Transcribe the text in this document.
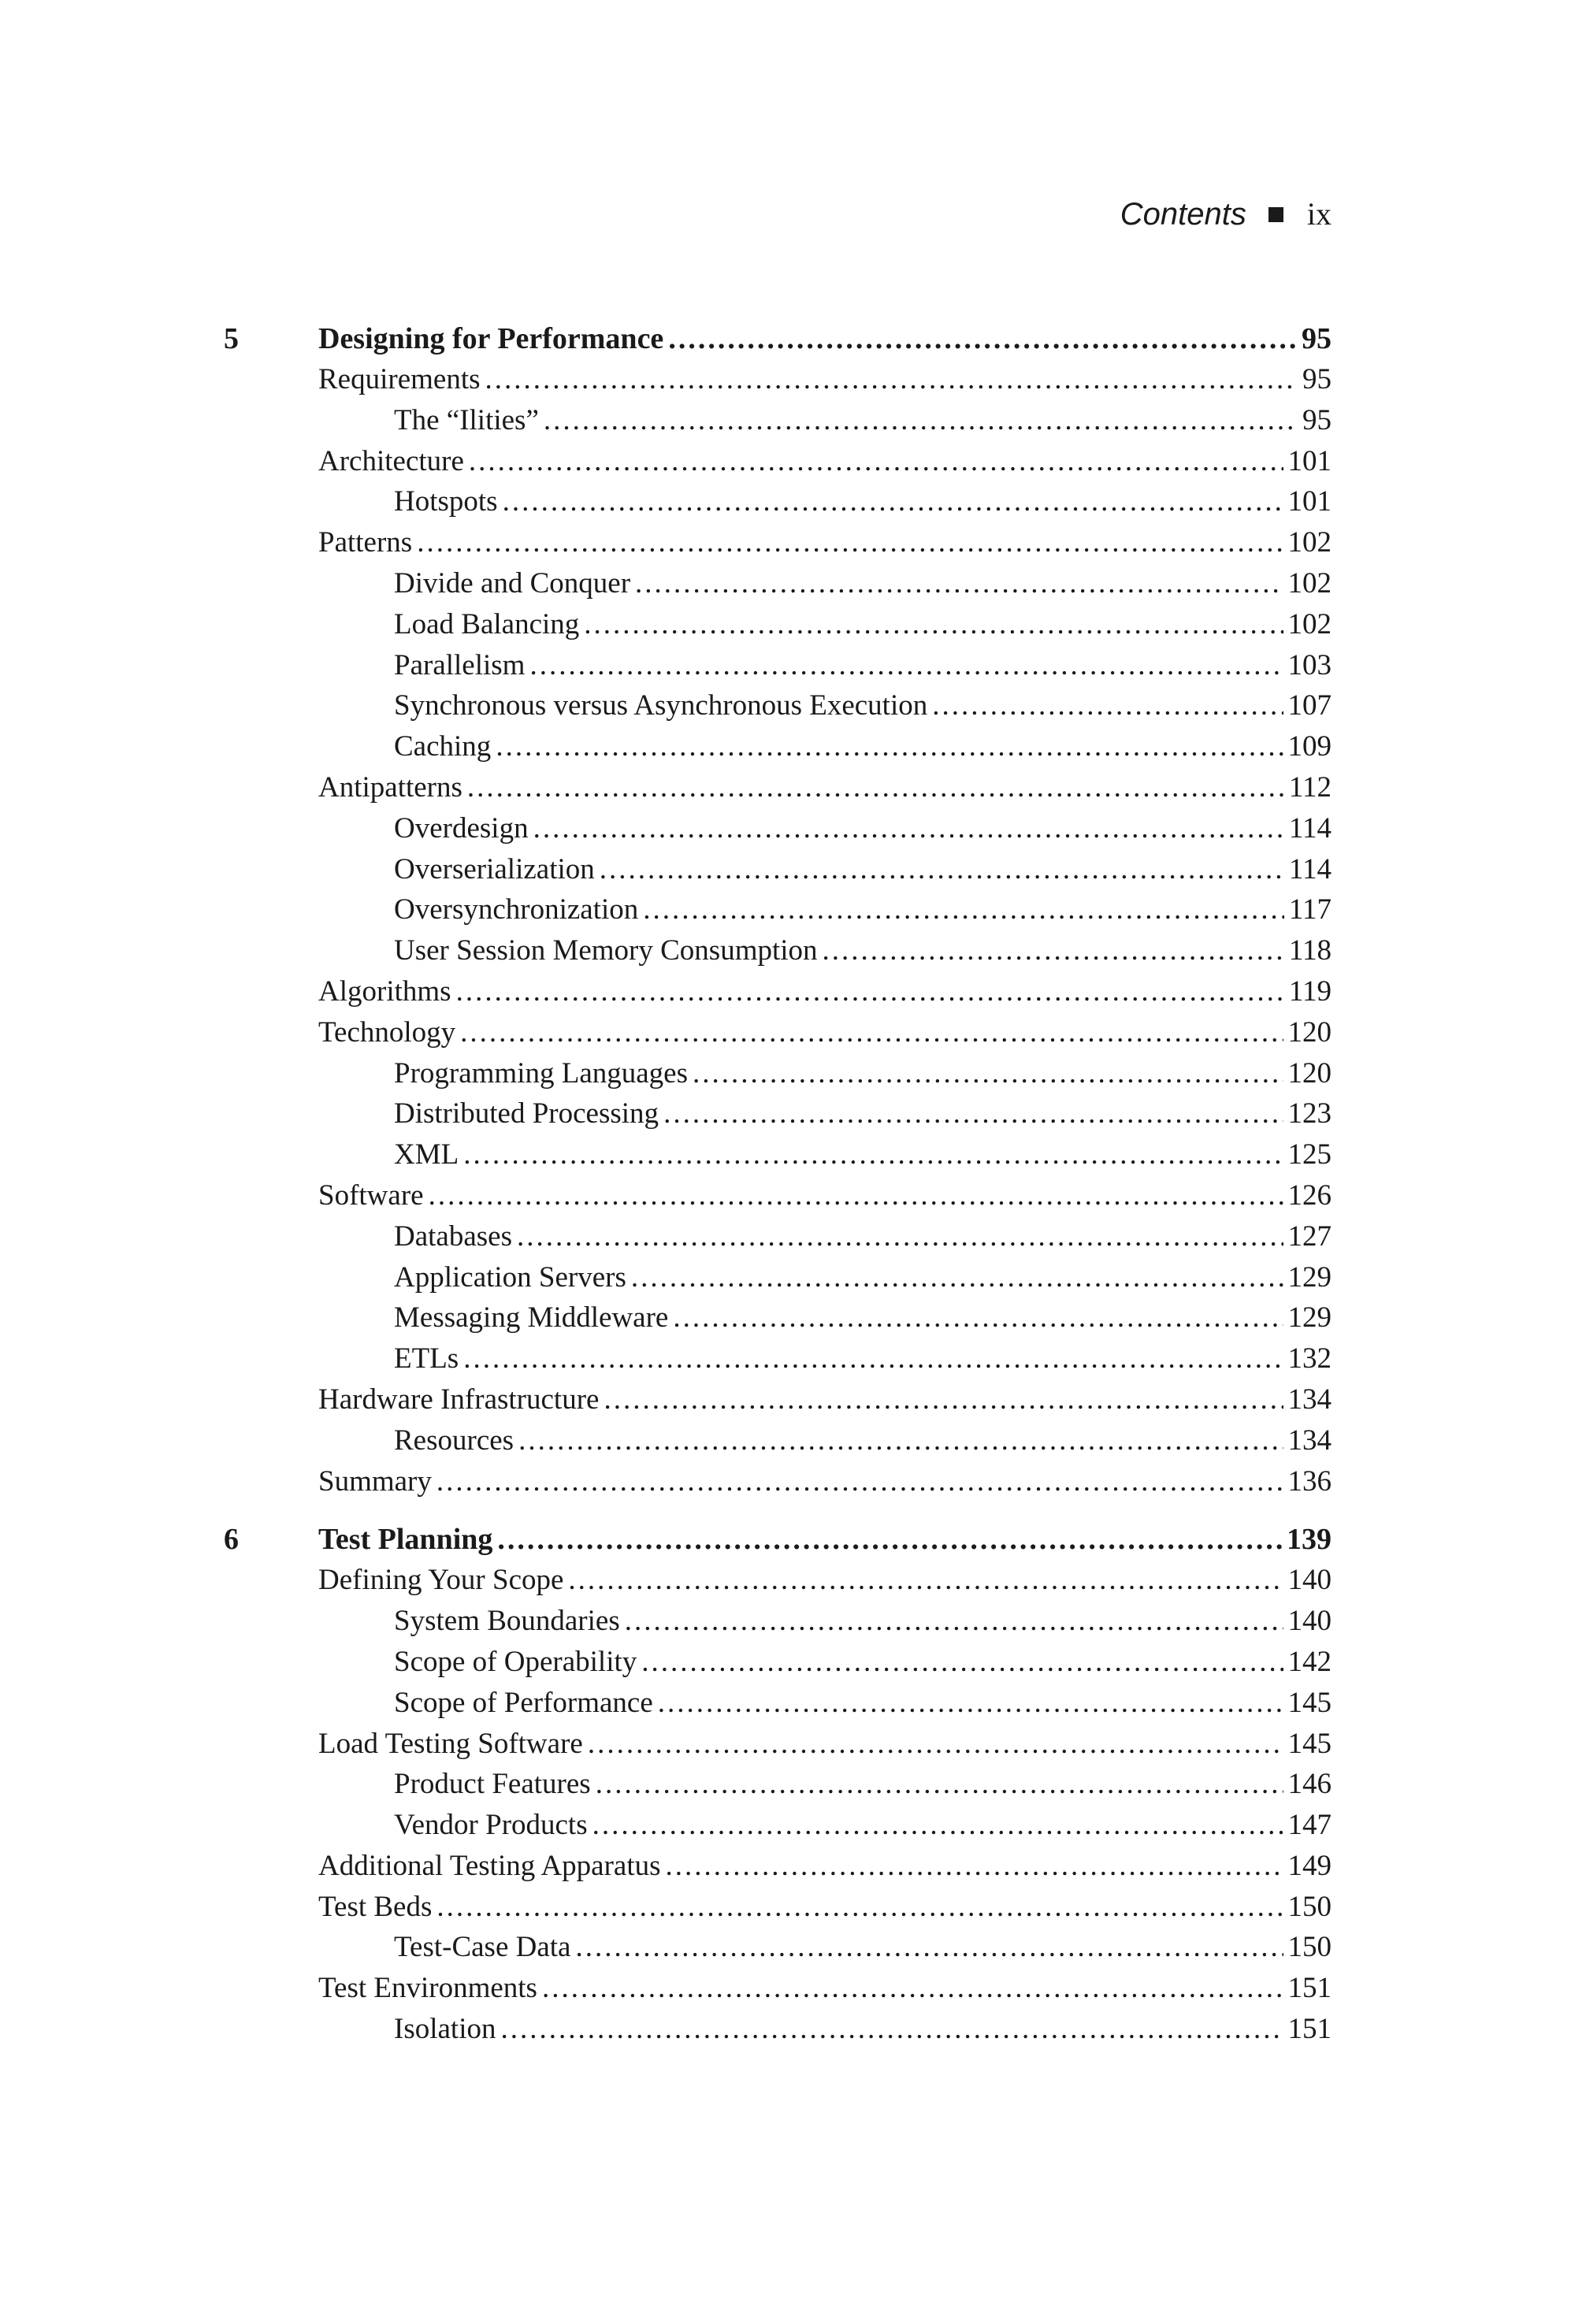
Contents ix
5	Designing for Performance .....	95
Requirements .....	95
The “Ilities” .....	95
Architecture .....	101
Hotspots .....	101
Patterns .....	102
Divide and Conquer .....	102
Load Balancing .....	102
Parallelism .....	103
Synchronous versus Asynchronous Execution .....	107
Caching .....	109
Antipatterns .....	112
Overdesign .....	114
Overserialization .....	114
Oversynchronization .....	117
User Session Memory Consumption .....	118
Algorithms .....	119
Technology .....	120
Programming Languages .....	120
Distributed Processing .....	123
XML .....	125
Software .....	126
Databases .....	127
Application Servers .....	129
Messaging Middleware .....	129
ETLs .....	132
Hardware Infrastructure .....	134
Resources .....	134
Summary .....	136
6	Test Planning .....	139
Defining Your Scope .....	140
System Boundaries .....	140
Scope of Operability .....	142
Scope of Performance .....	145
Load Testing Software .....	145
Product Features .....	146
Vendor Products .....	147
Additional Testing Apparatus .....	149
Test Beds .....	150
Test-Case Data .....	150
Test Environments .....	151
Isolation .....	151
